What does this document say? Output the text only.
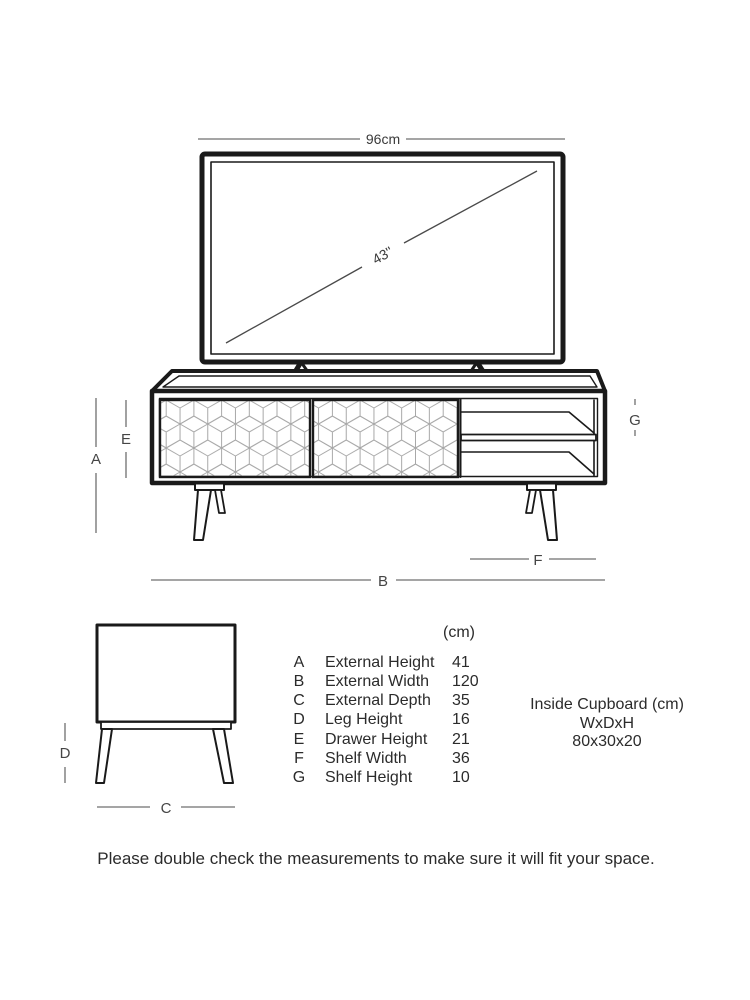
96cm
43''
A
E
G
F
B
D
C
(cm)
A External Height 41
B External Width 120
C External Depth 35
D Leg Height	16
E Drawer Height 21
F Shelf Width	36
G Shelf Height 10
Inside Cupboard (cm)
WxDxH
80x30x20
Please double check the measurements to make sure it will fit your space.
